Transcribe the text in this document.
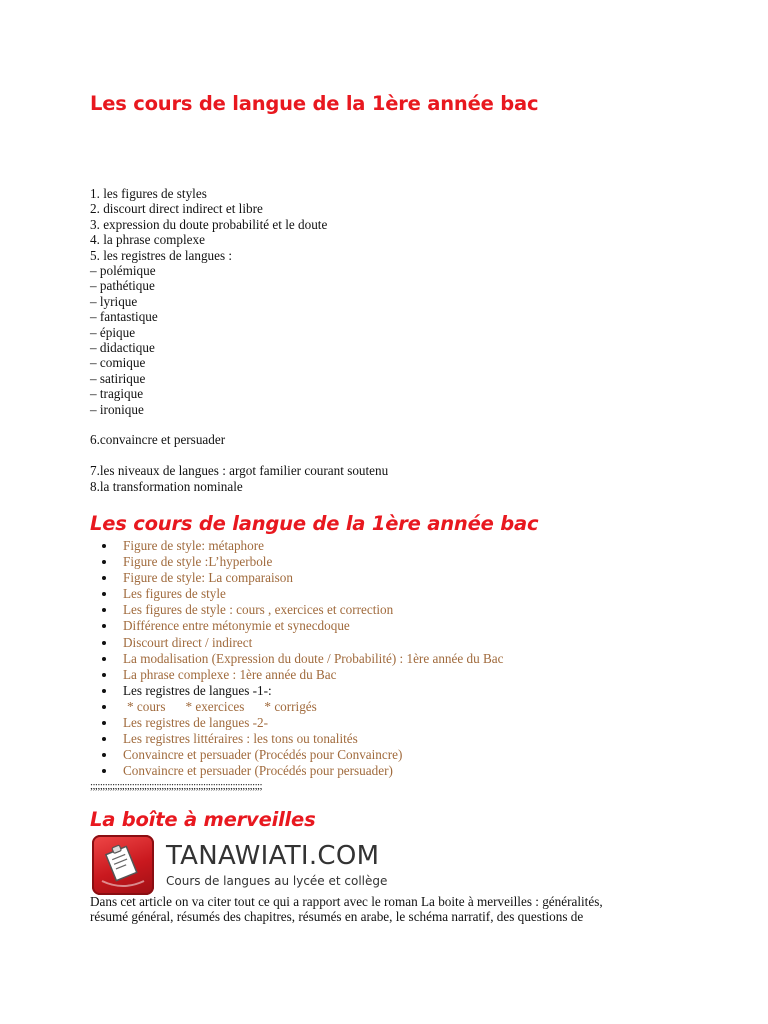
Les cours de langue de la 1ère année bac
1. les figures de styles
2. discourt direct indirect et libre
3. expression du doute probabilité et le doute
4. la phrase complexe
5. les registres de langues :
– polémique
– pathétique
– lyrique
– fantastique
– épique
– didactique
– comique
– satirique
– tragique
– ironique
6.convaincre et persuader
7.les niveaux de langues : argot familier courant soutenu
8.la transformation nominale
Les cours de langue de la 1ère année bac
Figure de style: métaphore
Figure de style :L’hyperbole
Figure de style: La comparaison
Les figures de style
Les figures de style : cours , exercices et correction
Différence entre métonymie et synecdoque
Discourt direct / indirect
La modalisation (Expression du doute / Probabilité) : 1ère année du Bac
La phrase complexe : 1ère année du Bac
Les registres de langues -1-:
* cours * exercices * corrigés
Les registres de langues -2-
Les registres littéraires : les tons ou tonalités
Convaincre et persuader (Procédés pour Convaincre)
Convaincre et persuader (Procédés pour persuader)
;;;;;;;;;;;;;;;;;;;;;;;;;;;;;;;;;;;;;;;;;;;;;;;;;;;;;;;;;;;;;;;;;;;;;;
La boîte à merveilles
TANAWIATI.COM
Cours de langues au lycée et collège

Dans cet article on va citer tout ce qui a rapport avec le roman La boite à merveilles : généralités,
résumé général, résumés des chapitres, résumés en arabe, le schéma narratif, des questions de
